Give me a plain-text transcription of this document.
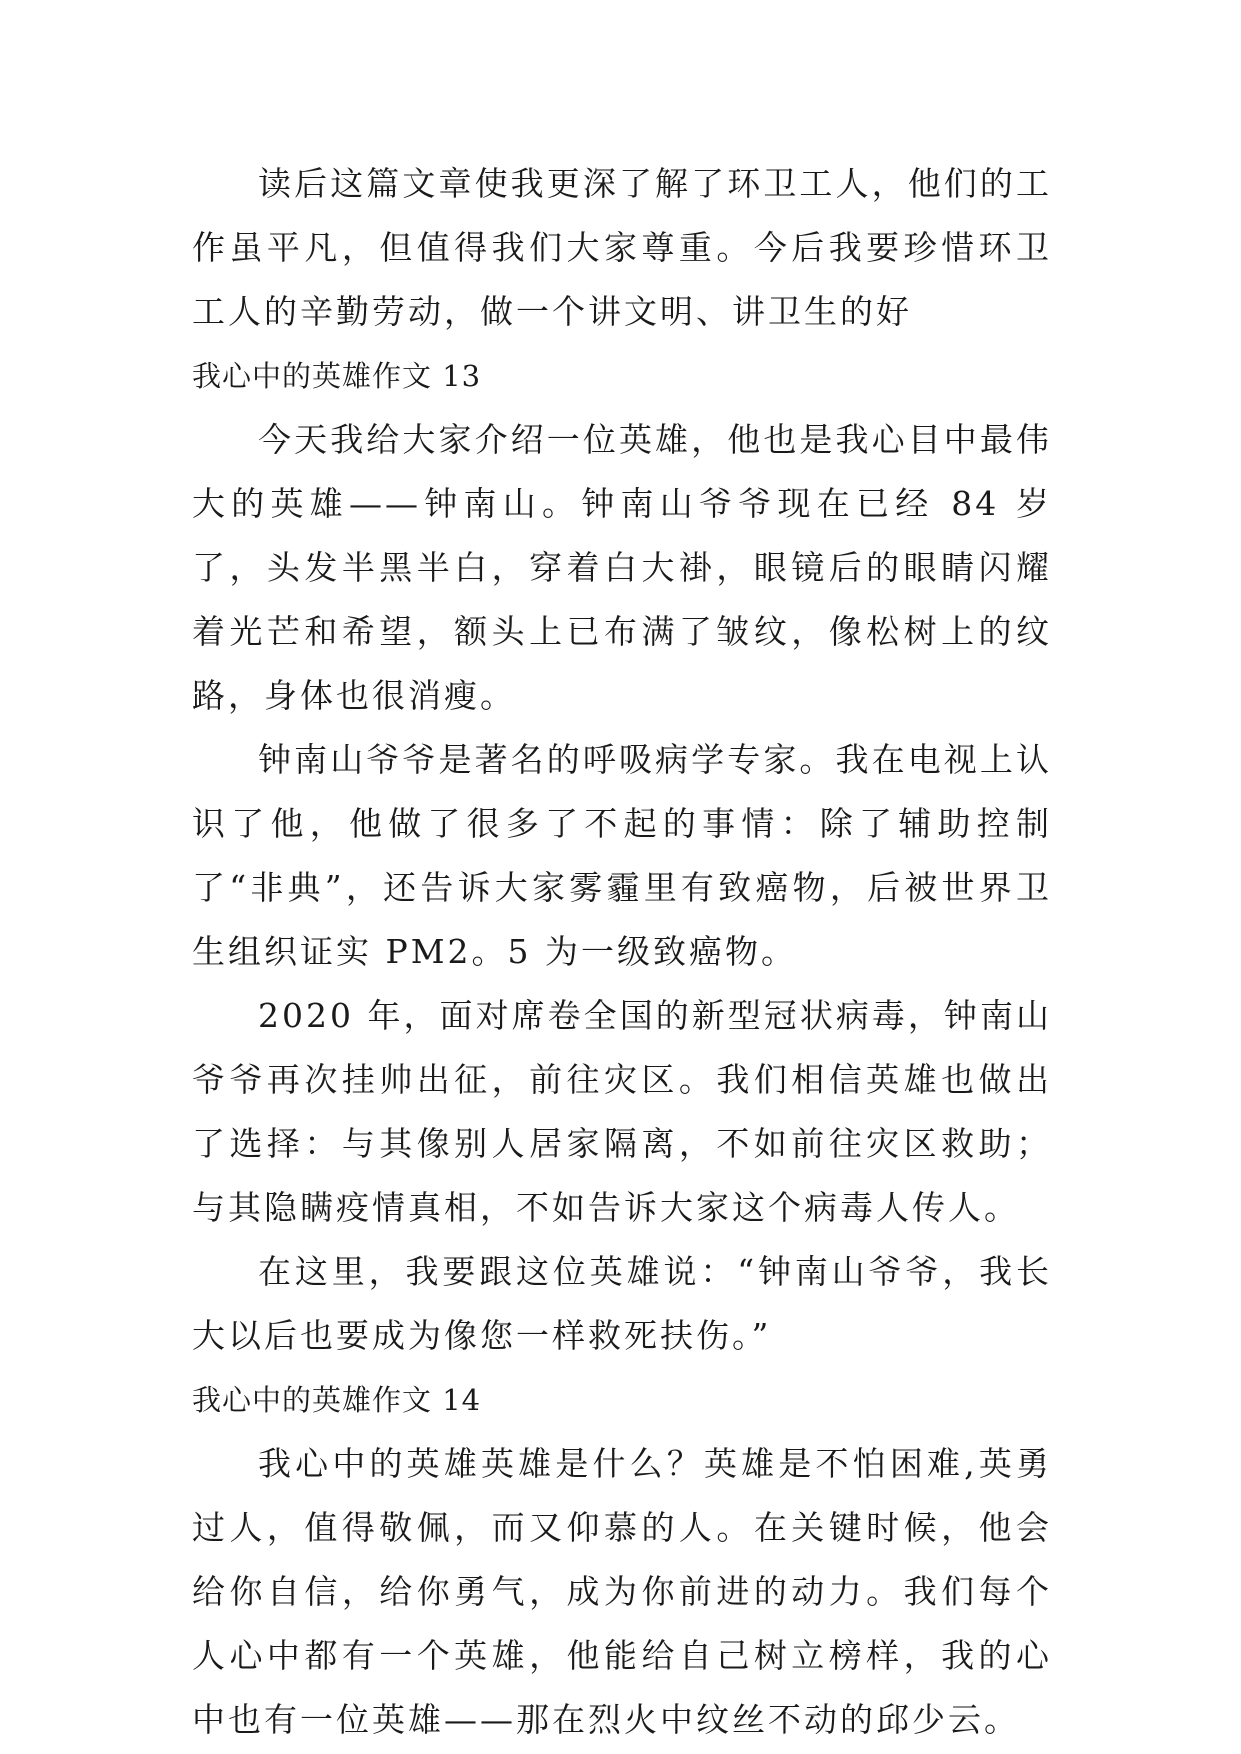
读后这篇文章使我更深了解了环卫工人，他们的工作虽平凡，但值得我们大家尊重。今后我要珍惜环卫工人的辛勤劳动，做一个讲文明、讲卫生的好

我心中的英雄作文 13

今天我给大家介绍一位英雄，他也是我心目中最伟大的英雄——钟南山。钟南山爷爷现在已经 84 岁了，头发半黑半白，穿着白大褂，眼镜后的眼睛闪耀着光芒和希望，额头上已布满了皱纹，像松树上的纹路，身体也很消瘦。

钟南山爷爷是著名的呼吸病学专家。我在电视上认识了他，他做了很多了不起的事情：除了辅助控制了“非典”，还告诉大家雾霾里有致癌物，后被世界卫生组织证实 PM2。5 为一级致癌物。

2020 年，面对席卷全国的新型冠状病毒，钟南山爷爷再次挂帅出征，前往灾区。我们相信英雄也做出了选择：与其像别人居家隔离，不如前往灾区救助；与其隐瞒疫情真相，不如告诉大家这个病毒人传人。

在这里，我要跟这位英雄说：“钟南山爷爷，我长大以后也要成为像您一样救死扶伤。”

我心中的英雄作文 14

我心中的英雄英雄是什么？英雄是不怕困难,英勇过人，值得敬佩，而又仰慕的人。在关键时候，他会给你自信，给你勇气，成为你前进的动力。我们每个人心中都有一个英雄，他能给自己树立榜样，我的心中也有一位英雄——那在烈火中纹丝不动的邱少云。
